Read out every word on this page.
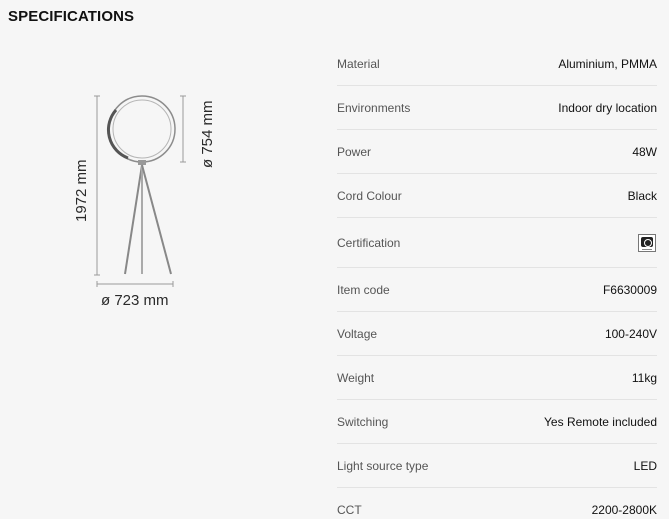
SPECIFICATIONS
1972 mm
ø 754 mm
ø 723 mm
Material	Aluminium, PMMA
Environments	Indoor dry location
Power	48W
Cord Colour	Black
Certification
Item code	F6630009
Voltage	100-240V
Weight	11kg
Switching	Yes Remote included
Light source type	LED
CCT	2200-2800K
